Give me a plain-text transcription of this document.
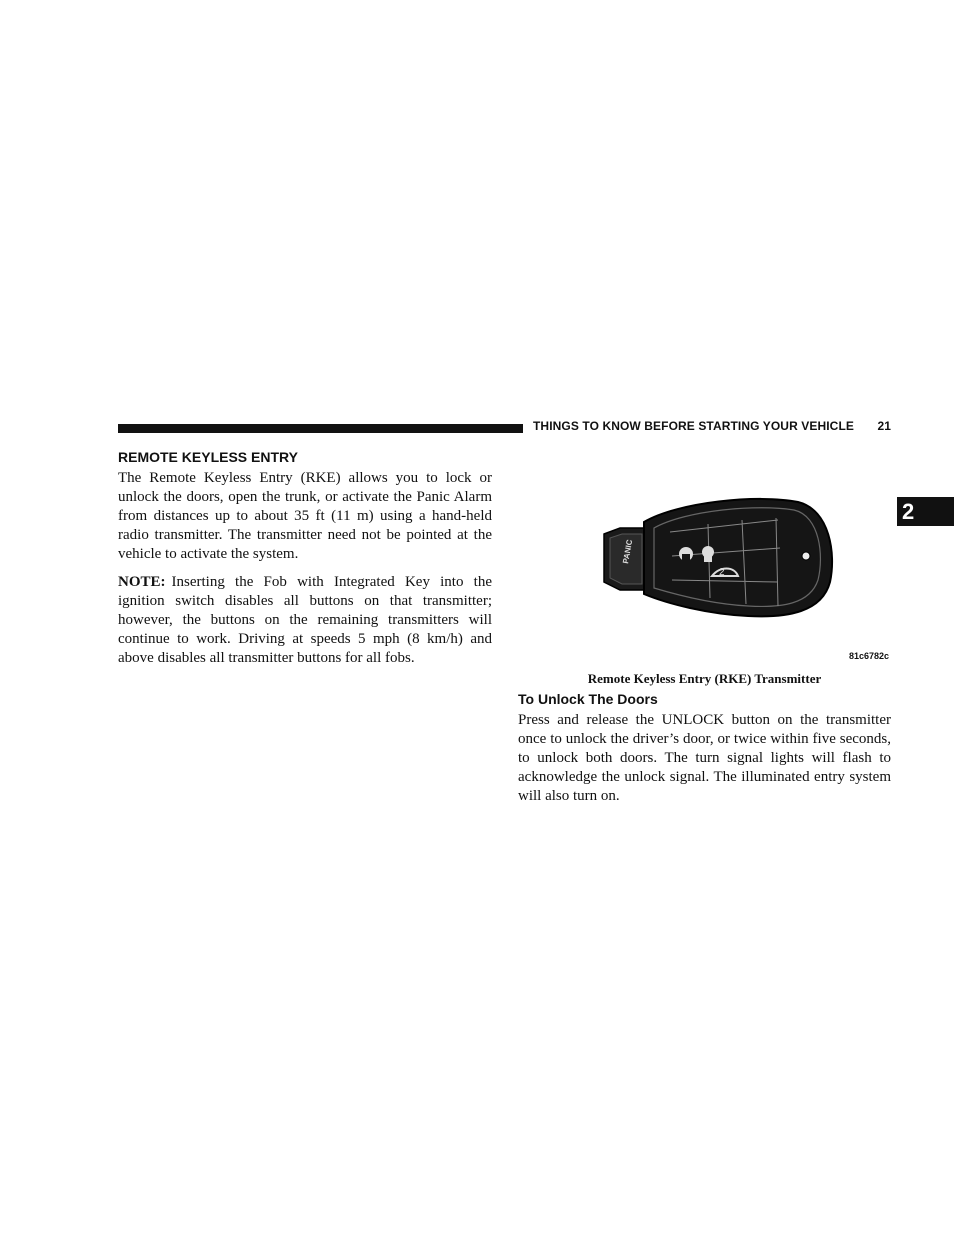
THINGS TO KNOW BEFORE STARTING YOUR VEHICLE 21
2
REMOTE KEYLESS ENTRY

The Remote Keyless Entry (RKE) allows you to lock or unlock the doors, open the trunk, or activate the Panic Alarm from distances up to about 35 ft (11 m) using a hand-held radio transmitter. The transmitter need not be pointed at the vehicle to activate the system.

NOTE: Inserting the Fob with Integrated Key into the ignition switch disables all buttons on that transmitter; however, the buttons on the remaining transmitters will continue to work. Driving at speeds 5 mph (8 km/h) and above disables all transmitter buttons for all fobs.

2
PANIC
81c6782c
Remote Keyless Entry (RKE) Transmitter
To Unlock The Doors

Press and release the UNLOCK button on the transmitter once to unlock the driver’s door, or twice within five seconds, to unlock both doors. The turn signal lights will flash to acknowledge the unlock signal. The illuminated entry system will also turn on.
